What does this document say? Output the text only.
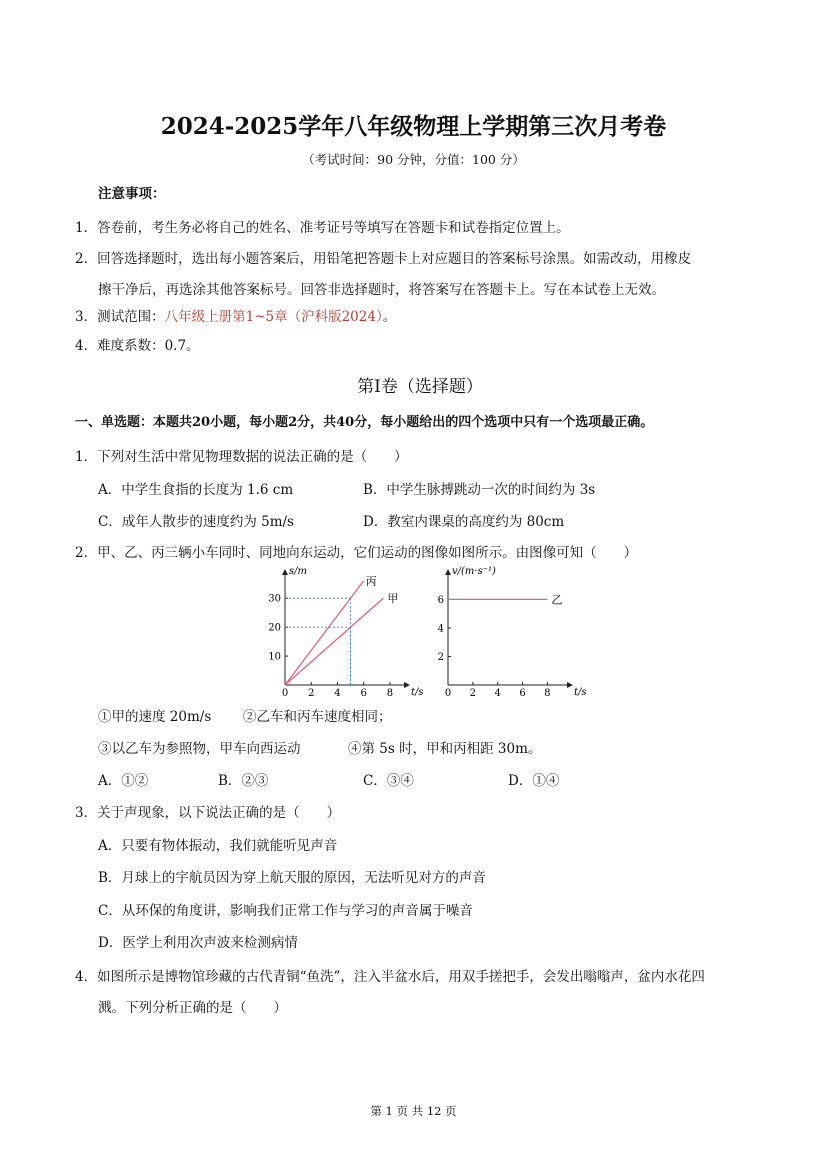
2024-2025学年八年级物理上学期第三次月考卷
（考试时间：90 分钟，分值：100 分）
注意事项：
1．答卷前，考生务必将自己的姓名、准考证号等填写在答题卡和试卷指定位置上。
2．回答选择题时，选出每小题答案后，用铅笔把答题卡上对应题目的答案标号涂黑。如需改动，用橡皮
擦干净后，再选涂其他答案标号。回答非选择题时，将答案写在答题卡上。写在本试卷上无效。
3．测试范围：八年级上册第1~5章（沪科版2024）。
4．难度系数：0.7。
第Ⅰ卷（选择题）
一、单选题：本题共20小题，每小题2分，共40分，每小题给出的四个选项中只有一个选项最正确。
1．下列对生活中常见物理数据的说法正确的是（　　）
A．中学生食指的长度为 1.6 cm	B．中学生脉搏跳动一次的时间约为 3s
C．成年人散步的速度约为 5m/s	D．教室内课桌的高度约为 80cm
2．甲、乙、丙三辆小车同时、同地向东运动，它们运动的图像如图所示。由图像可知（　　）
s/m
t/s
0 2 4 6 8
10
20
30
丙
甲
v/(m·s⁻¹)
t/s
0 2 4 6 8
2
4
6	乙
①甲的速度 20m/s ②乙车和丙车速度相同；
③以乙车为参照物，甲车向西运动	④第 5s 时，甲和丙相距 30m。
A．①②	B．②③	C．③④	D．①④
3．关于声现象，以下说法正确的是（　　）
A．只要有物体振动，我们就能听见声音
B．月球上的宇航员因为穿上航天服的原因，无法听见对方的声音
C．从环保的角度讲，影响我们正常工作与学习的声音属于噪音
D．医学上利用次声波来检测病情
4．如图所示是博物馆珍藏的古代青铜“鱼洗”，注入半盆水后，用双手搓把手，会发出嗡嗡声，盆内水花四
溅。下列分析正确的是（　　）
第 1 页 共 12 页
